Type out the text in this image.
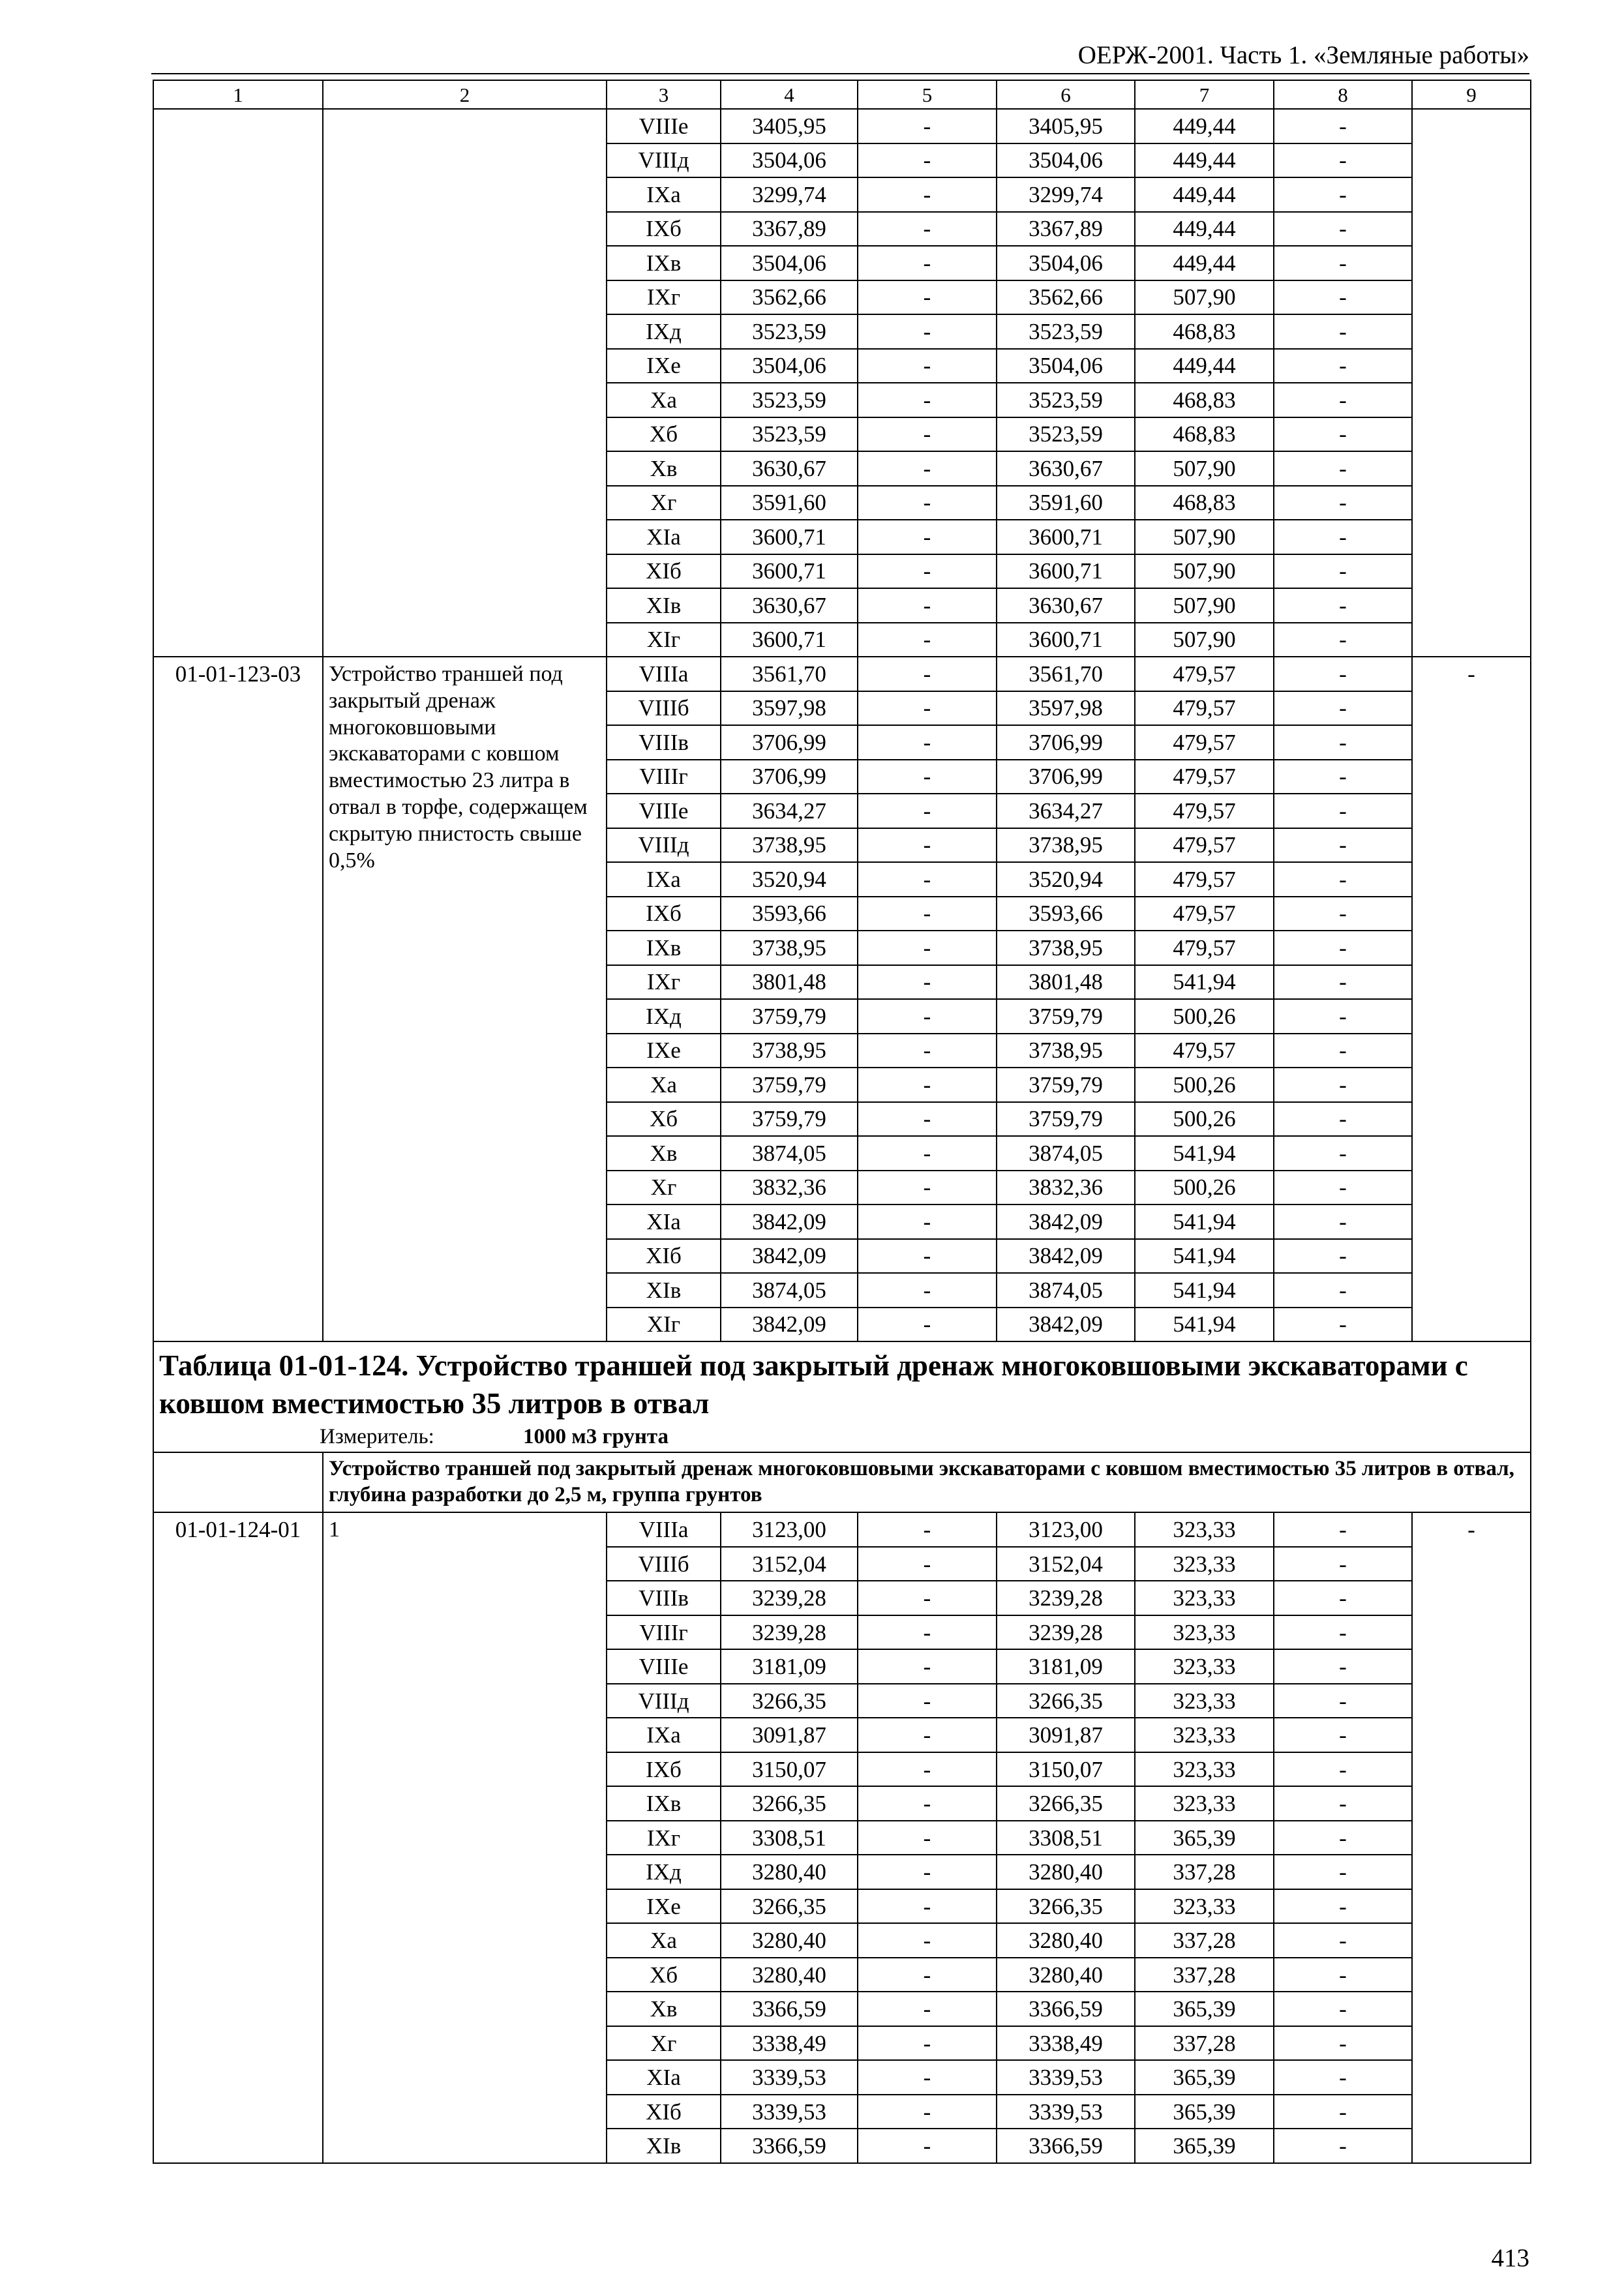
ОЕРЖ-2001. Часть 1. «Земляные работы»
1	2	3	4	5	6	7	8	9
		VIIIe	3405,95	-	3405,95	449,44	-	
		VIIIд	3504,06	-	3504,06	449,44	-	
		IXa	3299,74	-	3299,74	449,44	-	
		IXб	3367,89	-	3367,89	449,44	-	
		IXв	3504,06	-	3504,06	449,44	-	
		IXг	3562,66	-	3562,66	507,90	-	
		IXд	3523,59	-	3523,59	468,83	-	
		IXe	3504,06	-	3504,06	449,44	-	
		Xa	3523,59	-	3523,59	468,83	-	
		Xб	3523,59	-	3523,59	468,83	-	
		Xв	3630,67	-	3630,67	507,90	-	
		Xг	3591,60	-	3591,60	468,83	-	
		XIa	3600,71	-	3600,71	507,90	-	
		XIб	3600,71	-	3600,71	507,90	-	
		XIв	3630,67	-	3630,67	507,90	-	
		XIг	3600,71	-	3600,71	507,90	-	
01-01-123-03	Устройство траншей под закрытый дренаж многоковшовыми экскаваторами с ковшом вместимостью 23 литра в отвал в торфе, содержащем скрытую пнистость свыше 0,5%	VIIIa	3561,70	-	3561,70	479,57	-	-
		VIIIб	3597,98	-	3597,98	479,57	-	
		VIIIв	3706,99	-	3706,99	479,57	-	
		VIIIг	3706,99	-	3706,99	479,57	-	
		VIIIe	3634,27	-	3634,27	479,57	-	
		VIIIд	3738,95	-	3738,95	479,57	-	
		IXa	3520,94	-	3520,94	479,57	-	
		IXб	3593,66	-	3593,66	479,57	-	
		IXв	3738,95	-	3738,95	479,57	-	
		IXг	3801,48	-	3801,48	541,94	-	
		IXд	3759,79	-	3759,79	500,26	-	
		IXe	3738,95	-	3738,95	479,57	-	
		Xa	3759,79	-	3759,79	500,26	-	
		Xб	3759,79	-	3759,79	500,26	-	
		Xв	3874,05	-	3874,05	541,94	-	
		Xг	3832,36	-	3832,36	500,26	-	
		XIa	3842,09	-	3842,09	541,94	-	
		XIб	3842,09	-	3842,09	541,94	-	
		XIв	3874,05	-	3874,05	541,94	-	
		XIг	3842,09	-	3842,09	541,94	-	

Таблица 01-01-124. Устройство траншей под закрытый дренаж многоковшовыми экскаваторами с ковшом вместимостью 35 литров в отвал
Измеритель: 1000 м3 грунта								

	Устройство траншей под закрытый дренаж многоковшовыми экскаваторами с ковшом вместимостью 35 литров в отвал, глубина разработки до 2,5 м, группа грунтов							
01-01-124-01	1	VIIIa	3123,00	-	3123,00	323,33	-	-
		VIIIб	3152,04	-	3152,04	323,33	-	
		VIIIв	3239,28	-	3239,28	323,33	-	
		VIIIг	3239,28	-	3239,28	323,33	-	
		VIIIe	3181,09	-	3181,09	323,33	-	
		VIIIд	3266,35	-	3266,35	323,33	-	
		IXa	3091,87	-	3091,87	323,33	-	
		IXб	3150,07	-	3150,07	323,33	-	
		IXв	3266,35	-	3266,35	323,33	-	
		IXг	3308,51	-	3308,51	365,39	-	
		IXд	3280,40	-	3280,40	337,28	-	
		IXe	3266,35	-	3266,35	323,33	-	
		Xa	3280,40	-	3280,40	337,28	-	
		Xб	3280,40	-	3280,40	337,28	-	
		Xв	3366,59	-	3366,59	365,39	-	
		Xг	3338,49	-	3338,49	337,28	-	
		XIa	3339,53	-	3339,53	365,39	-	
		XIб	3339,53	-	3339,53	365,39	-	
		XIв	3366,59	-	3366,59	365,39	-	
413
